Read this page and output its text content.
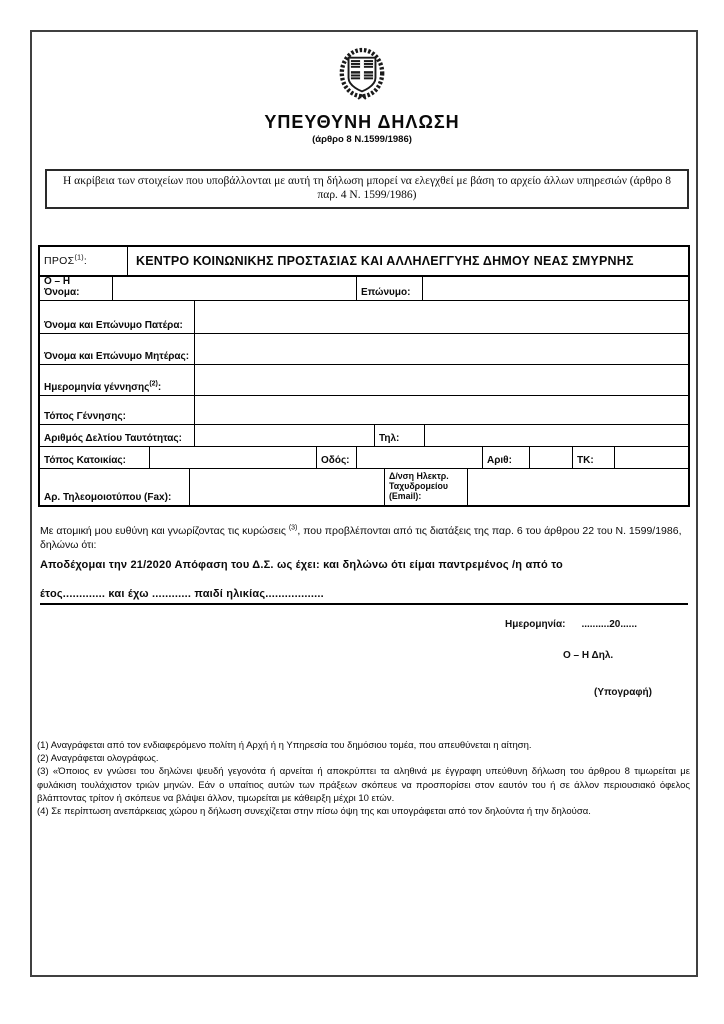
ΥΠΕΥΘΥΝΗ ΔΗΛΩΣΗ
(άρθρο 8 Ν.1599/1986)
Η ακρίβεια των στοιχείων που υποβάλλονται με αυτή τη δήλωση μπορεί να ελεγχθεί με βάση το αρχείο άλλων υπηρεσιών (άρθρο 8 παρ. 4 Ν. 1599/1986)
ΠΡΟΣ$^{(1)}$:	ΚΕΝΤΡΟ ΚΟΙΝΩΝΙΚΗΣ ΠΡΟΣΤΑΣΙΑΣ ΚΑΙ ΑΛΛΗΛΕΓΓΥΗΣ ΔΗΜΟΥ ΝΕΑΣ ΣΜΥΡΝΗΣ
Ο – Η Όνομα:	Επώνυμο:
Όνομα και Επώνυμο Πατέρα:
Όνομα και Επώνυμο Μητέρας:
Ημερομηνία γέννησης$^{(2)}$:
Τόπος Γέννησης:
Αριθμός Δελτίου Ταυτότητας:	Τηλ:
Τόπος Κατοικίας:	Οδός:	Αριθ:	ΤΚ:
Αρ. Τηλεομοιοτύπου (Fax):
Δ/νση Ηλεκτρ. Ταχυδρομείου (Email):

Με ατομική μου ευθύνη και γνωρίζοντας τις κυρώσεις $^{(3)}$, που προβλέπονται από τις διατάξεις της παρ. 6 του άρθρου 22 του Ν. 1599/1986, δηλώνω ότι:

Αποδέχομαι την 21/2020 Απόφαση του Δ.Σ. ως έχει: και δηλώνω ότι είμαι παντρεμένος /η από το

έτος............. και έχω ............ παιδί ηλικίας..................

Ημερομηνία: ..........20......
Ο – Η Δηλ.
(Υπογραφή)

(1) Αναγράφεται από τον ενδιαφερόμενο πολίτη ή Αρχή ή η Υπηρεσία του δημόσιου τομέα, που απευθύνεται η αίτηση.

(2) Αναγράφεται ολογράφως.

(3) «Όποιος εν γνώσει του δηλώνει ψευδή γεγονότα ή αρνείται ή αποκρύπτει τα αληθινά με έγγραφη υπεύθυνη δήλωση του άρθρου 8 τιμωρείται με φυλάκιση τουλάχιστον τριών μηνών. Εάν ο υπαίτιος αυτών των πράξεων σκόπευε να προσπορίσει στον εαυτόν του ή σε άλλον περιουσιακό όφελος βλάπτοντας τρίτον ή σκόπευε να βλάψει άλλον, τιμωρείται με κάθειρξη μέχρι 10 ετών.

(4) Σε περίπτωση ανεπάρκειας χώρου η δήλωση συνεχίζεται στην πίσω όψη της και υπογράφεται από τον δηλούντα ή την δηλούσα.
